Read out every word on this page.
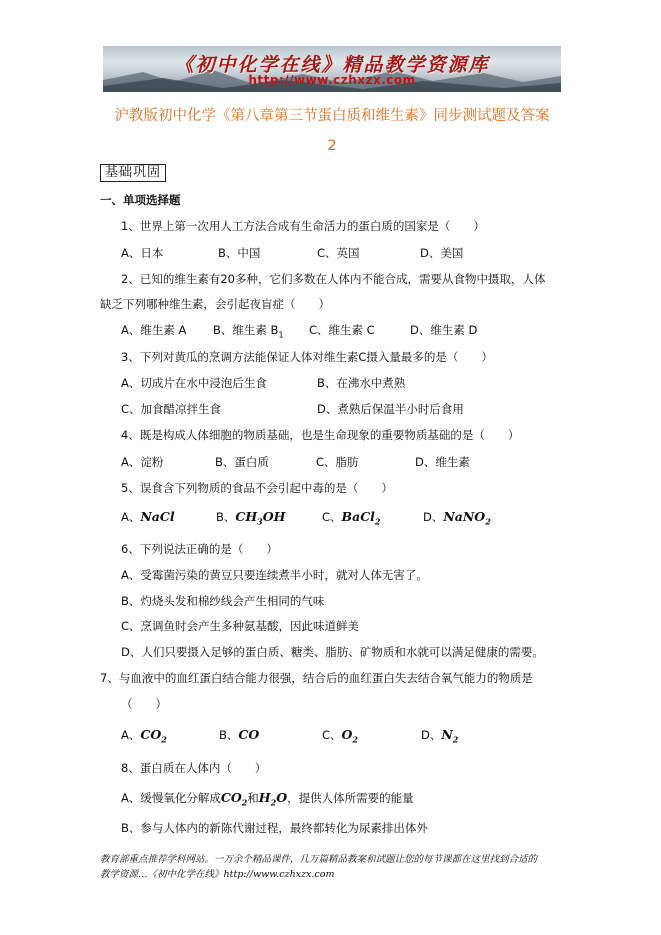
《初中化学在线》精品教学资源库
http://www.czhxzx.com
沪教版初中化学《第八章第三节蛋白质和维生素》同步测试题及答案
2
基础巩固
一、单项选择题
1、世界上第一次用人工方法合成有生命活力的蛋白质的国家是（　　）
A、日本	B、中国	C、英国	D、美国
2、已知的维生素有20多种，它们多数在人体内不能合成，需要从食物中摄取，人体
缺乏下列哪种维生素，会引起夜盲症（　　）
A、维生素 A B、维生素 $B_1$ C、维生素 C	D、维生素 D
3、下列对黄瓜的烹调方法能保证人体对维生素C摄入量最多的是（　　）
A、切成片在水中浸泡后生食	B、在沸水中煮熟
C、加食醋凉拌生食	D、煮熟后保温半小时后食用
4、既是构成人体细胞的物质基础，也是生命现象的重要物质基础的是（　　）
A、淀粉	B、蛋白质	C、脂肪	D、维生素
5、误食含下列物质的食品不会引起中毒的是（　　）
A、NaCl	B、$CH_3OH$	C、BaCl$_2$	D、NaNO$_2$
6、下列说法正确的是（　　）
A、受霉菌污染的黄豆只要连续煮半小时，就对人体无害了。
B、灼烧头发和棉纱线会产生相同的气味
C、烹调鱼时会产生多种氨基酸，因此味道鲜美
D、人们只要摄入足够的蛋白质、糖类、脂肪、矿物质和水就可以满足健康的需要。
7、与血液中的血红蛋白结合能力很强，结合后的血红蛋白失去结合氧气能力的物质是
（　　）
A、$CO_2$	B、CO	C、$O_2$	D、$N_2$
8、蛋白质在人体内（　　）
A、缓慢氧化分解成$CO_2$和$H_2O$，提供人体所需要的能量
B、参与人体内的新陈代谢过程，最终都转化为尿素排出体外
教育部重点推荐学科网站。一万余个精品课件，几万篇精品教案和试题让您的每节课都在这里找到合适的
教学资源…《初中化学在线》http://www.czhxzx.com
